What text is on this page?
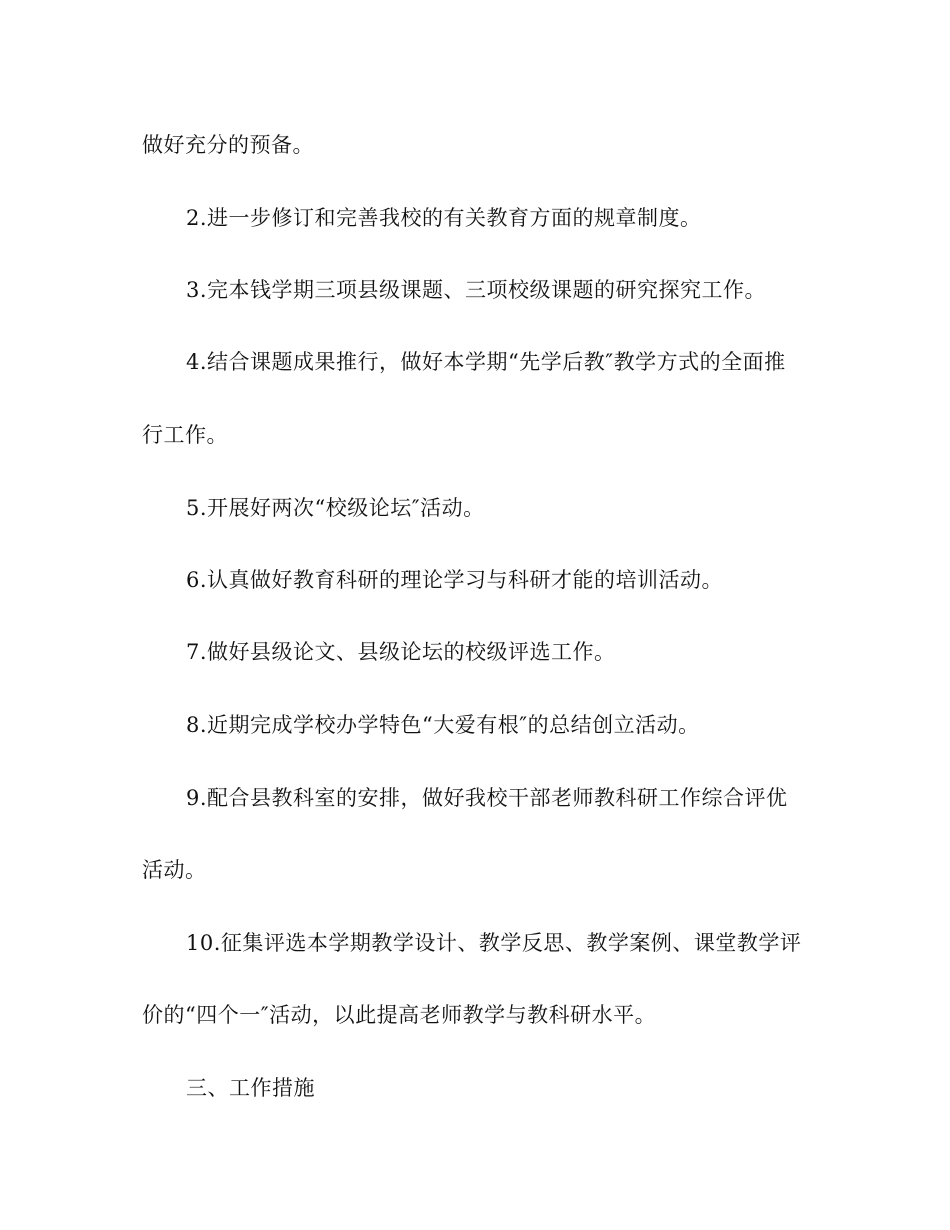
做好充分的预备。
2.进一步修订和完善我校的有关教育方面的规章制度。
3.完本钱学期三项县级课题、三项校级课题的研究探究工作。
4.结合课题成果推行，做好本学期“先学后教″教学方式的全面推
行工作。
5.开展好两次“校级论坛″活动。
6.认真做好教育科研的理论学习与科研才能的培训活动。
7.做好县级论文、县级论坛的校级评选工作。
8.近期完成学校办学特色“大爱有根″的总结创立活动。
9.配合县教科室的安排，做好我校干部老师教科研工作综合评优
活动。
10.征集评选本学期教学设计、教学反思、教学案例、课堂教学评
价的“四个一″活动，以此提高老师教学与教科研水平。
三、工作措施
